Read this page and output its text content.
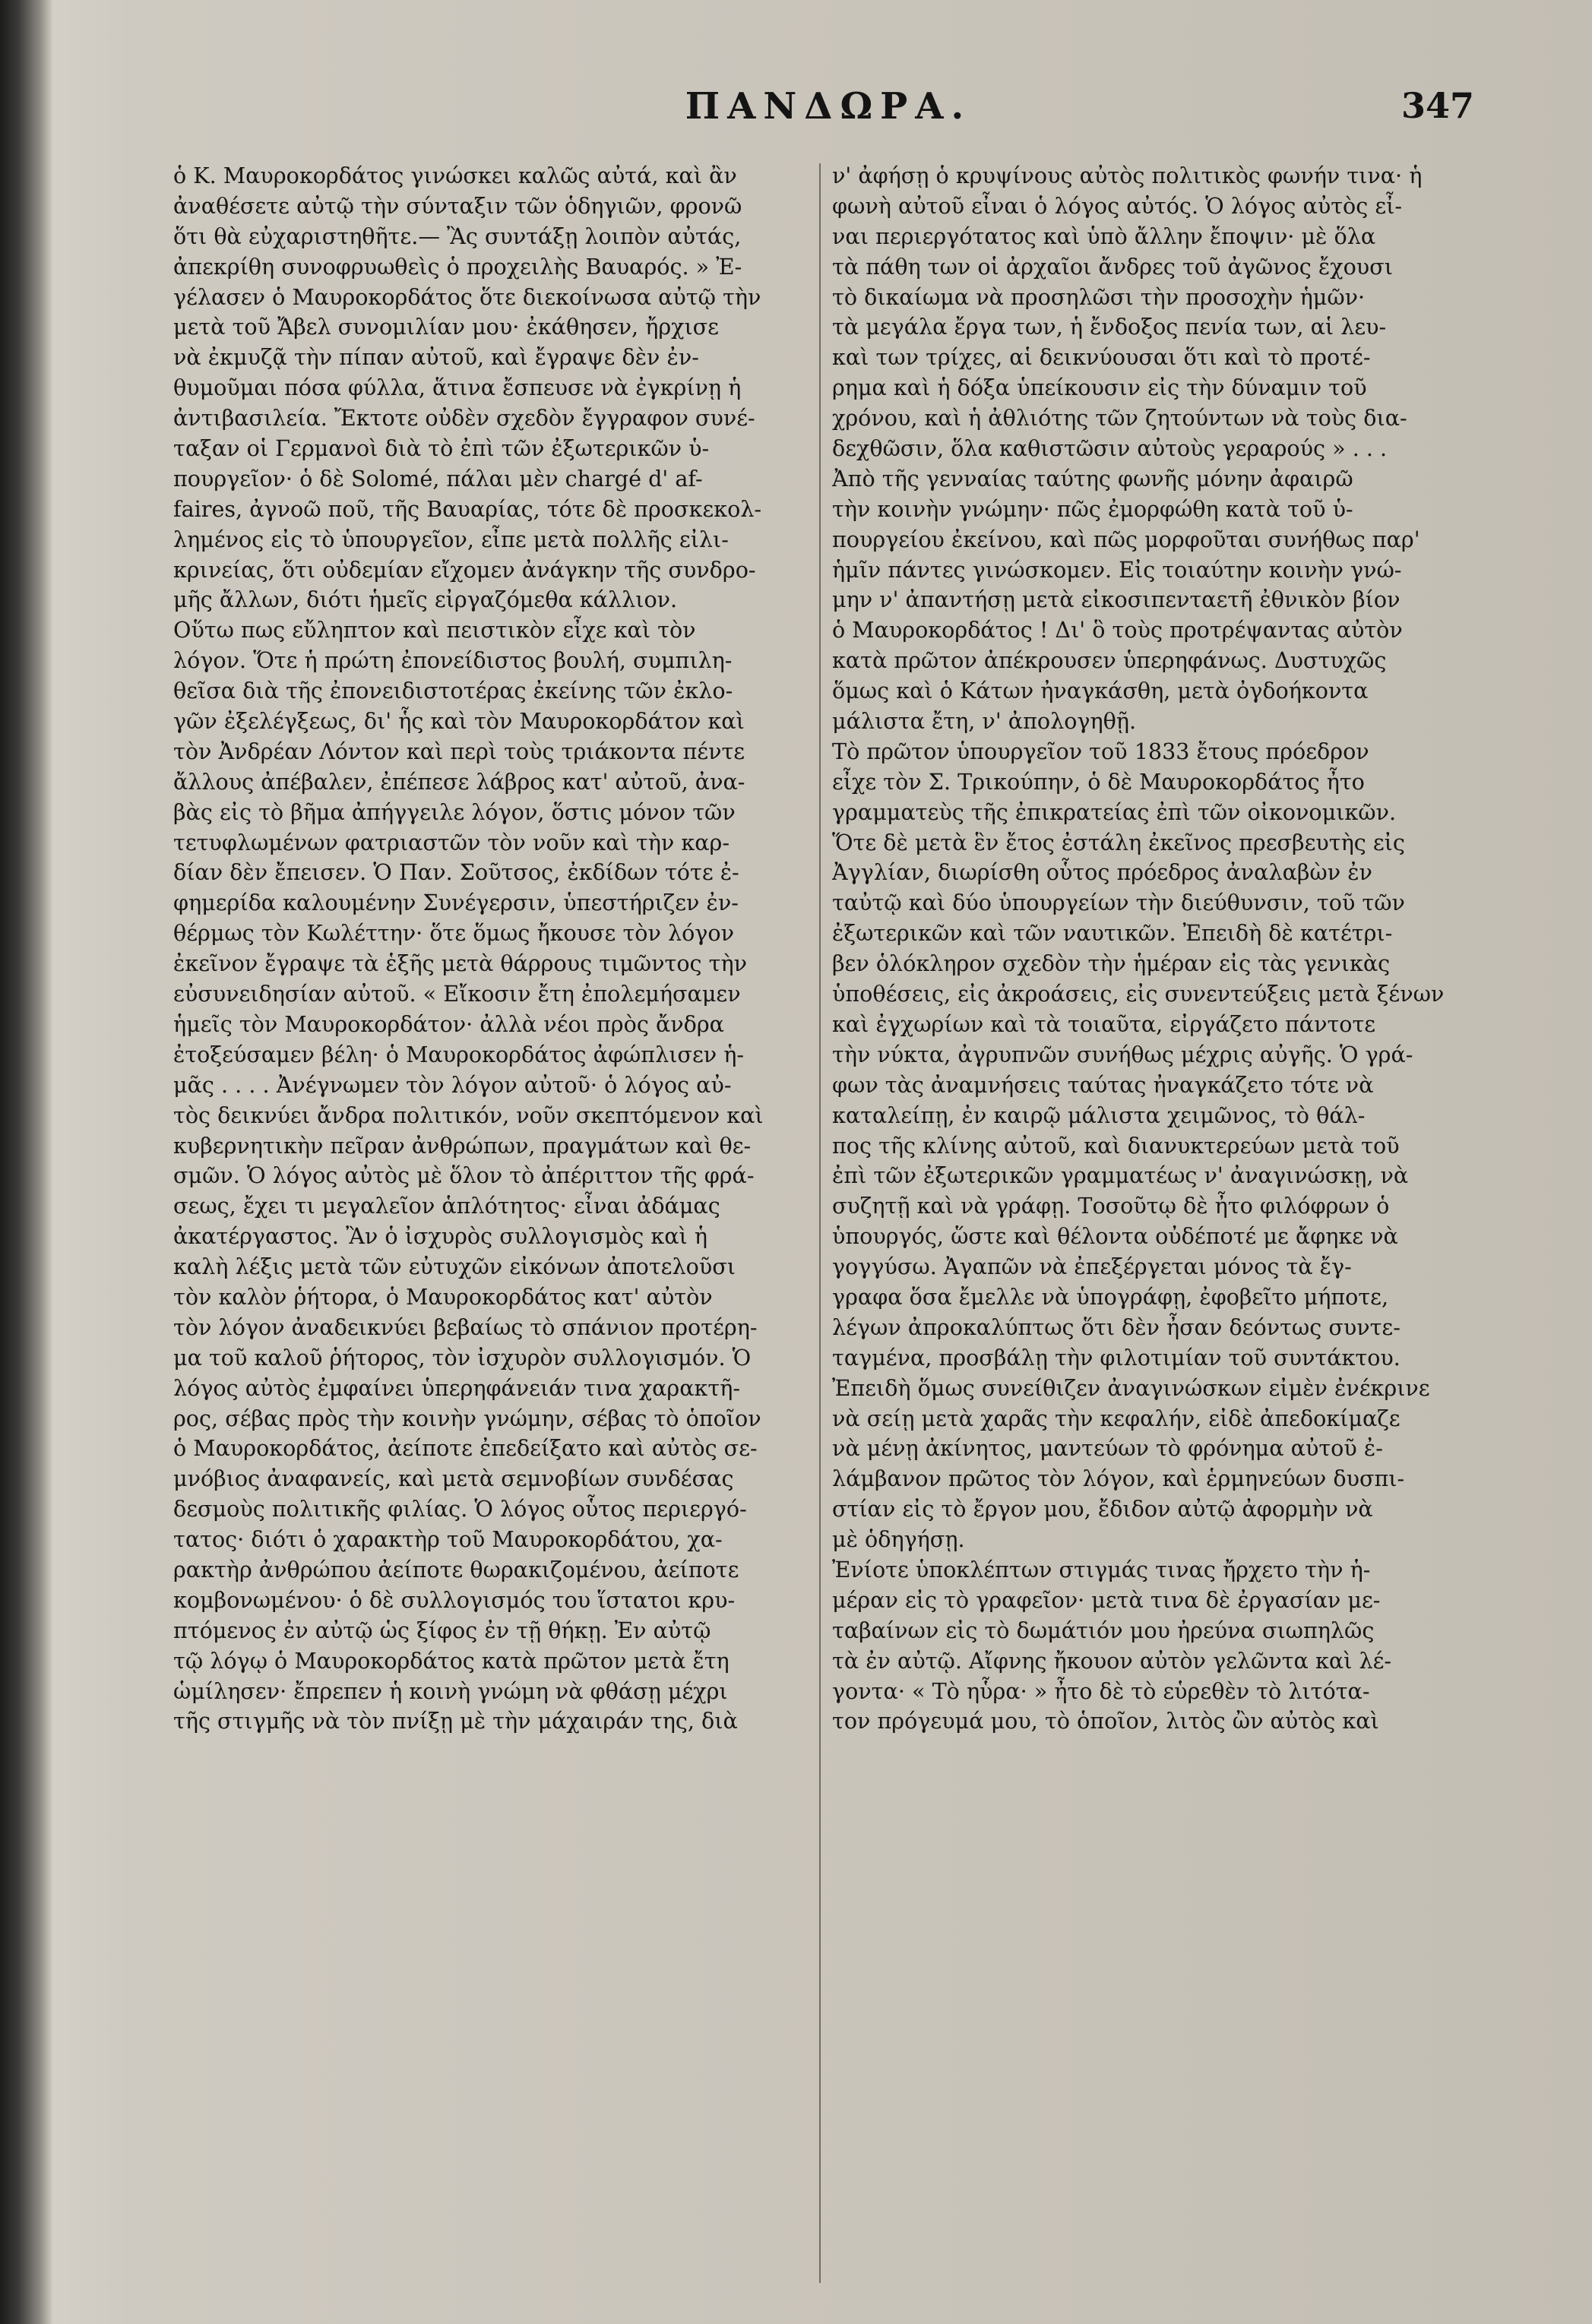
ΠΑΝΔΩΡΑ.	347
ὁ Κ. Μαυροκορδάτος γινώσκει καλῶς αὐτά, καὶ ἂν
ἀναθέσετε αὐτῷ τὴν σύνταξιν τῶν ὁδηγιῶν, φρονῶ
ὅτι θὰ εὐχαριστηθῆτε.— Ἂς συντάξῃ λοιπὸν αὐτάς,
ἀπεκρίθη συνοφρυωθεὶς ὁ προχειλὴς Βαυαρός. » Ἐ-
γέλασεν ὁ Μαυροκορδάτος ὅτε διεκοίνωσα αὐτῷ τὴν
μετὰ τοῦ Ἄβελ συνομιλίαν μου· ἐκάθησεν, ἤρχισε
νὰ ἐκμυζᾷ τὴν πίπαν αὐτοῦ, καὶ ἔγραψε δὲν ἐν-
θυμοῦμαι πόσα φύλλα, ἅτινα ἔσπευσε νὰ ἐγκρίνῃ ἡ
ἀντιβασιλεία. Ἔκτοτε οὐδὲν σχεδὸν ἔγγραφον συνέ-
ταξαν οἱ Γερμανοὶ διὰ τὸ ἐπὶ τῶν ἐξωτερικῶν ὑ-
πουργεῖον· ὁ δὲ Solomé, πάλαι μὲν chargé d' af-
faires, ἀγνοῶ ποῦ, τῆς Βαυαρίας, τότε δὲ προσκεκολ-
λημένος εἰς τὸ ὑπουργεῖον, εἶπε μετὰ πολλῆς εἰλι-
κρινείας, ὅτι οὐδεμίαν εἴχομεν ἀνάγκην τῆς συνδρο-
μῆς ἄλλων, διότι ἡμεῖς εἰργαζόμεθα κάλλιον.
Οὕτω πως εὔληπτον καὶ πειστικὸν εἶχε καὶ τὸν
λόγον. Ὅτε ἡ πρώτη ἐπονείδιστος βουλή, συμπιλη-
θεῖσα διὰ τῆς ἐπονειδιστοτέρας ἐκείνης τῶν ἐκλο-
γῶν ἐξελέγξεως, δι' ἧς καὶ τὸν Μαυροκορδάτον καὶ
τὸν Ἀνδρέαν Λόντον καὶ περὶ τοὺς τριάκοντα πέντε
ἄλλους ἀπέβαλεν, ἐπέπεσε λάβρος κατ' αὐτοῦ, ἀνα-
βὰς εἰς τὸ βῆμα ἀπήγγειλε λόγον, ὅστις μόνον τῶν
τετυφλωμένων φατριαστῶν τὸν νοῦν καὶ τὴν καρ-
δίαν δὲν ἔπεισεν. Ὁ Παν. Σοῦτσος, ἐκδίδων τότε ἐ-
φημερίδα καλουμένην Συνέγερσιν, ὑπεστήριζεν ἐν-
θέρμως τὸν Κωλέττην· ὅτε ὅμως ἤκουσε τὸν λόγον
ἐκεῖνον ἔγραψε τὰ ἑξῆς μετὰ θάρρους τιμῶντος τὴν
εὐσυνειδησίαν αὐτοῦ. « Εἴκοσιν ἔτη ἐπολεμήσαμεν
ἡμεῖς τὸν Μαυροκορδάτον· ἀλλὰ νέοι πρὸς ἄνδρα
ἐτοξεύσαμεν βέλη· ὁ Μαυροκορδάτος ἀφώπλισεν ἡ-
μᾶς . . . . Ἀνέγνωμεν τὸν λόγον αὐτοῦ· ὁ λόγος αὐ-
τὸς δεικνύει ἄνδρα πολιτικόν, νοῦν σκεπτόμενον καὶ
κυβερνητικὴν πεῖραν ἀνθρώπων, πραγμάτων καὶ θε-
σμῶν. Ὁ λόγος αὐτὸς μὲ ὅλον τὸ ἀπέριττον τῆς φρά-
σεως, ἔχει τι μεγαλεῖον ἁπλότητος· εἶναι ἀδάμας
ἀκατέργαστος. Ἂν ὁ ἰσχυρὸς συλλογισμὸς καὶ ἡ
καλὴ λέξις μετὰ τῶν εὐτυχῶν εἰκόνων ἀποτελοῦσι
τὸν καλὸν ῥήτορα, ὁ Μαυροκορδάτος κατ' αὐτὸν
τὸν λόγον ἀναδεικνύει βεβαίως τὸ σπάνιον προτέρη-
μα τοῦ καλοῦ ῥήτορος, τὸν ἰσχυρὸν συλλογισμόν. Ὁ
λόγος αὐτὸς ἐμφαίνει ὑπερηφάνειάν τινα χαρακτῆ-
ρος, σέβας πρὸς τὴν κοινὴν γνώμην, σέβας τὸ ὁποῖον
ὁ Μαυροκορδάτος, ἀείποτε ἐπεδείξατο καὶ αὐτὸς σε-
μνόβιος ἀναφανείς, καὶ μετὰ σεμνοβίων συνδέσας
δεσμοὺς πολιτικῆς φιλίας. Ὁ λόγος οὗτος περιεργό-
τατος· διότι ὁ χαρακτὴρ τοῦ Μαυροκορδάτου, χα-
ρακτὴρ ἀνθρώπου ἀείποτε θωρακιζομένου, ἀείποτε
κομβονωμένου· ὁ δὲ συλλογισμός του ἵστατοι κρυ-
πτόμενος ἐν αὐτῷ ὡς ξίφος ἐν τῇ θήκῃ. Ἐν αὐτῷ
τῷ λόγῳ ὁ Μαυροκορδάτος κατὰ πρῶτον μετὰ ἔτη
ὡμίλησεν· ἔπρεπεν ἡ κοινὴ γνώμη νὰ φθάσῃ μέχρι
τῆς στιγμῆς νὰ τὸν πνίξῃ μὲ τὴν μάχαιράν της, διὰ
ν' ἀφήσῃ ὁ κρυψίνους αὐτὸς πολιτικὸς φωνήν τινα· ἡ
φωνὴ αὐτοῦ εἶναι ὁ λόγος αὐτός. Ὁ λόγος αὐτὸς εἶ-
ναι περιεργότατος καὶ ὑπὸ ἄλλην ἔποψιν· μὲ ὅλα
τὰ πάθη των οἱ ἀρχαῖοι ἄνδρες τοῦ ἀγῶνος ἔχουσι
τὸ δικαίωμα νὰ προσηλῶσι τὴν προσοχὴν ἡμῶν·
τὰ μεγάλα ἔργα των, ἡ ἔνδοξος πενία των, αἱ λευ-
καὶ των τρίχες, αἱ δεικνύουσαι ὅτι καὶ τὸ προτέ-
ρημα καὶ ἡ δόξα ὑπείκουσιν εἰς τὴν δύναμιν τοῦ
χρόνου, καὶ ἡ ἀθλιότης τῶν ζητούντων νὰ τοὺς δια-
δεχθῶσιν, ὅλα καθιστῶσιν αὐτοὺς γεραρούς » . . .
Ἀπὸ τῆς γενναίας ταύτης φωνῆς μόνην ἀφαιρῶ
τὴν κοινὴν γνώμην· πῶς ἐμορφώθη κατὰ τοῦ ὑ-
πουργείου ἐκείνου, καὶ πῶς μορφοῦται συνήθως παρ'
ἡμῖν πάντες γινώσκομεν. Εἰς τοιαύτην κοινὴν γνώ-
μην ν' ἀπαντήσῃ μετὰ εἰκοσιπενταετῆ ἐθνικὸν βίον
ὁ Μαυροκορδάτος ! Δι' ὃ τοὺς προτρέψαντας αὐτὸν
κατὰ πρῶτον ἀπέκρουσεν ὑπερηφάνως. Δυστυχῶς
ὅμως καὶ ὁ Κάτων ἠναγκάσθη, μετὰ ὀγδοήκοντα
μάλιστα ἔτη, ν' ἀπολογηθῇ.
Τὸ πρῶτον ὑπουργεῖον τοῦ 1833 ἔτους πρόεδρον
εἶχε τὸν Σ. Τρικούπην, ὁ δὲ Μαυροκορδάτος ἦτο
γραμματεὺς τῆς ἐπικρατείας ἐπὶ τῶν οἰκονομικῶν.
Ὅτε δὲ μετὰ ἓν ἔτος ἐστάλη ἐκεῖνος πρεσβευτὴς εἰς
Ἀγγλίαν, διωρίσθη οὗτος πρόεδρος ἀναλαβὼν ἐν
ταὐτῷ καὶ δύο ὑπουργείων τὴν διεύθυνσιν, τοῦ τῶν
ἐξωτερικῶν καὶ τῶν ναυτικῶν. Ἐπειδὴ δὲ κατέτρι-
βεν ὁλόκληρον σχεδὸν τὴν ἡμέραν εἰς τὰς γενικὰς
ὑποθέσεις, εἰς ἀκροάσεις, εἰς συνεντεύξεις μετὰ ξένων
καὶ ἐγχωρίων καὶ τὰ τοιαῦτα, εἰργάζετο πάντοτε
τὴν νύκτα, ἀγρυπνῶν συνήθως μέχρις αὐγῆς. Ὁ γρά-
φων τὰς ἀναμνήσεις ταύτας ἠναγκάζετο τότε νὰ
καταλείπῃ, ἐν καιρῷ μάλιστα χειμῶνος, τὸ θάλ-
πος τῆς κλίνης αὐτοῦ, καὶ διανυκτερεύων μετὰ τοῦ
ἐπὶ τῶν ἐξωτερικῶν γραμματέως ν' ἀναγινώσκῃ, νὰ
συζητῇ καὶ νὰ γράφῃ. Τοσοῦτῳ δὲ ἦτο φιλόφρων ὁ
ὑπουργός, ὥστε καὶ θέλοντα οὐδέποτέ με ἄφηκε νὰ
γογγύσω. Ἀγαπῶν νὰ ἐπεξέργεται μόνος τὰ ἔγ-
γραφα ὅσα ἔμελλε νὰ ὑπογράφῃ, ἐφοβεῖτο μήποτε,
λέγων ἀπροκαλύπτως ὅτι δὲν ἦσαν δεόντως συντε-
ταγμένα, προσβάλῃ τὴν φιλοτιμίαν τοῦ συντάκτου.
Ἐπειδὴ ὅμως συνείθιζεν ἀναγινώσκων εἰμὲν ἐνέκρινε
νὰ σείῃ μετὰ χαρᾶς τὴν κεφαλήν, εἰδὲ ἀπεδοκίμαζε
νὰ μένῃ ἀκίνητος, μαντεύων τὸ φρόνημα αὐτοῦ ἐ-
λάμβανον πρῶτος τὸν λόγον, καὶ ἑρμηνεύων δυσπι-
στίαν εἰς τὸ ἔργον μου, ἔδιδον αὐτῷ ἀφορμὴν νὰ
μὲ ὁδηγήσῃ.
Ἐνίοτε ὑποκλέπτων στιγμάς τινας ἤρχετο τὴν ἡ-
μέραν εἰς τὸ γραφεῖον· μετὰ τινα δὲ ἐργασίαν με-
ταβαίνων εἰς τὸ δωμάτιόν μου ἠρεύνα σιωπηλῶς
τὰ ἐν αὐτῷ. Αἴφνης ἤκουον αὐτὸν γελῶντα καὶ λέ-
γοντα· « Τὸ ηὗρα· » ἦτο δὲ τὸ εὑρεθὲν τὸ λιτότα-
τον πρόγευμά μου, τὸ ὁποῖον, λιτὸς ὢν αὐτὸς καὶ
